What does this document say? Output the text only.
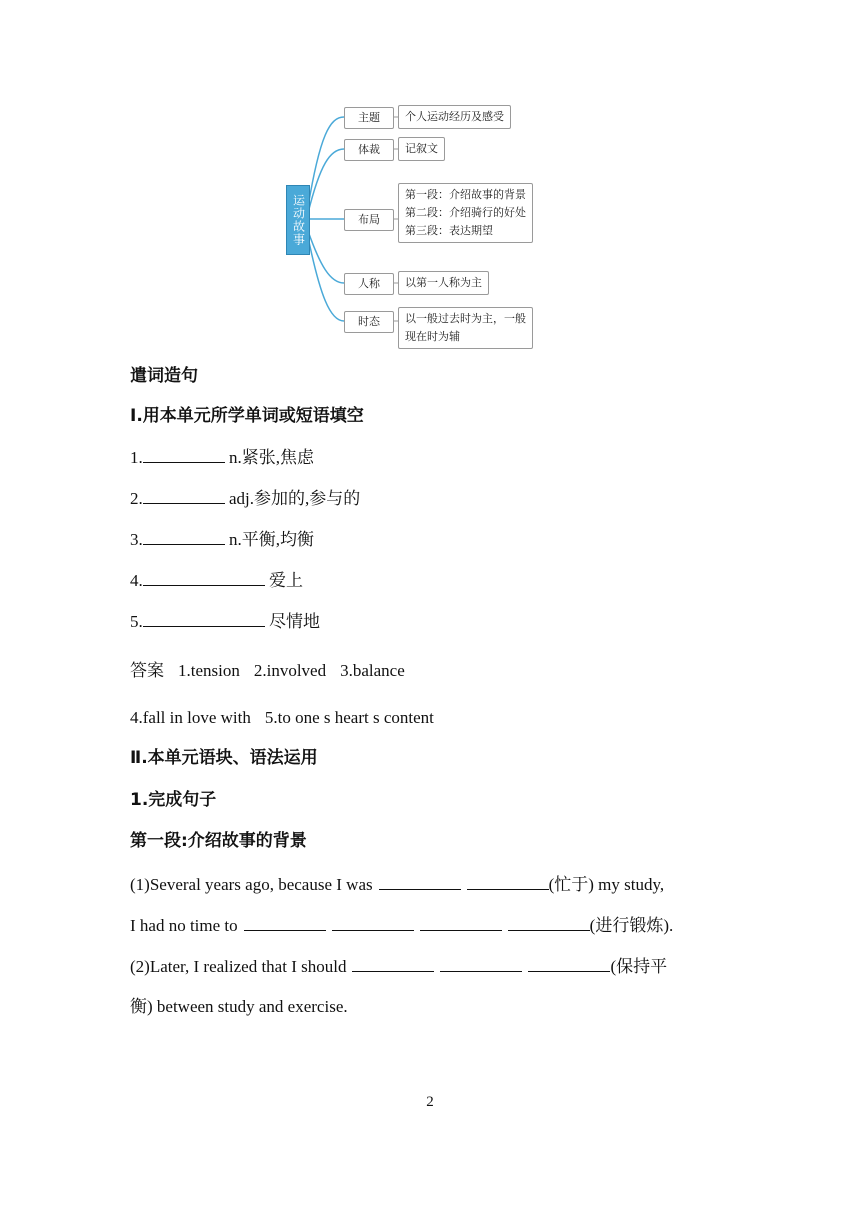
运动故事
主题	个人运动经历及感受
体裁	记叙文
布局
第一段：介绍故事的背景
第二段：介绍骑行的好处
第三段：表达期望
人称	以第一人称为主
时态	以一般过去时为主，一般
现在时为辅
遣词造句
Ⅰ.用本单元所学单词或短语填空
1.	n.紧张,焦虑
2.	adj.参加的,参与的
3.	n.平衡,均衡
4.	爱上
5.	尽情地
答案 1.tension 2.involved 3.balance
4.fall in love with 5.to one s heart s content
Ⅱ.本单元语块、语法运用
1.完成句子
第一段:介绍故事的背景
(1)Several years ago, because I was	(忙于) my study,
I had no time to	(进行锻炼).
(2)Later, I realized that I should	(保持平
衡) between study and exercise.
2
